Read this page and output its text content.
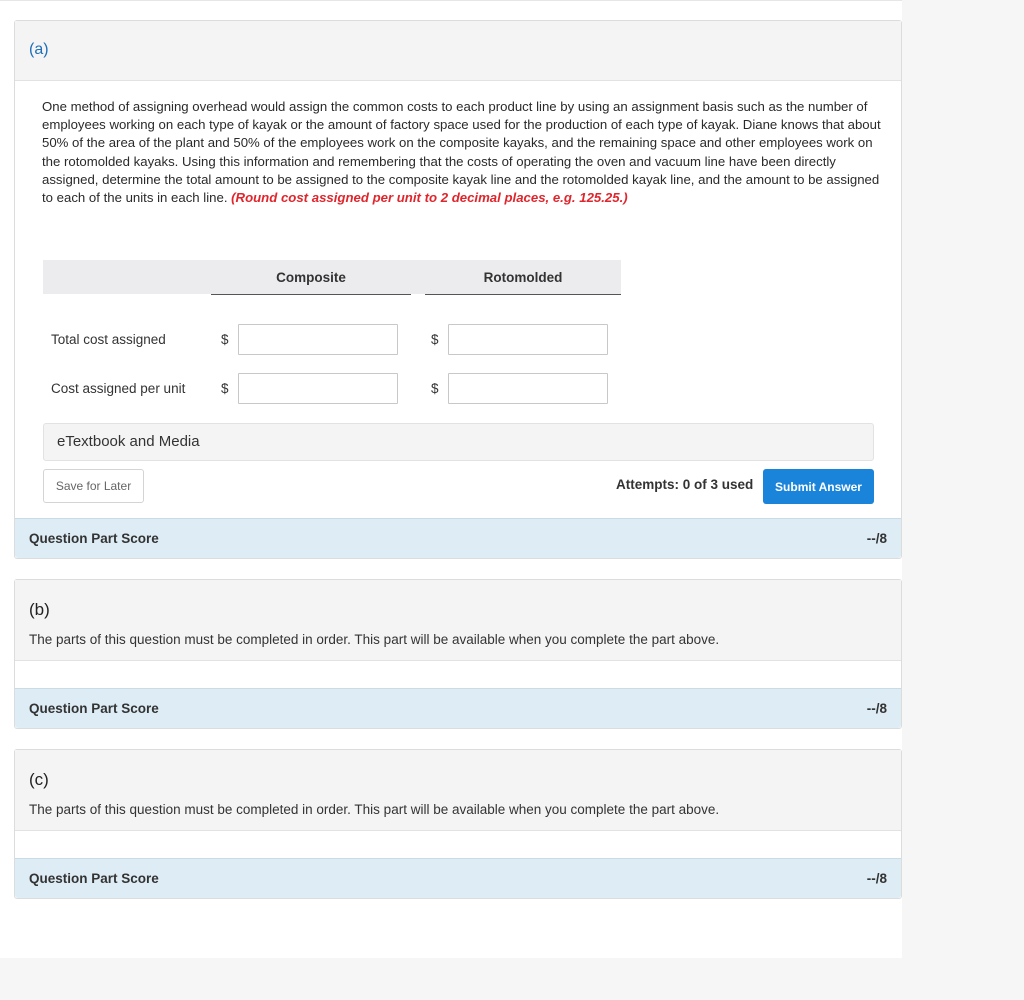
(a)
One method of assigning overhead would assign the common costs to each product line by using an assignment basis such as the number of employees working on each type of kayak or the amount of factory space used for the production of each type of kayak. Diane knows that about 50% of the area of the plant and 50% of the employees work on the composite kayaks, and the remaining space and other employees work on the rotomolded kayaks. Using this information and remembering that the costs of operating the oven and vacuum line have been directly assigned, determine the total amount to be assigned to the composite kayak line and the rotomolded kayak line, and the amount to be assigned to each of the units in each line. (Round cost assigned per unit to 2 decimal places, e.g. 125.25.)
Composite	Rotomolded
Total cost assigned	$	$
Cost assigned per unit	$	$
eTextbook and Media
Save for Later	Attempts: 0 of 3 used	Submit Answer
Question Part Score	--/8
(b)
The parts of this question must be completed in order. This part will be available when you complete the part above.
Question Part Score	--/8
(c)
The parts of this question must be completed in order. This part will be available when you complete the part above.
Question Part Score	--/8
